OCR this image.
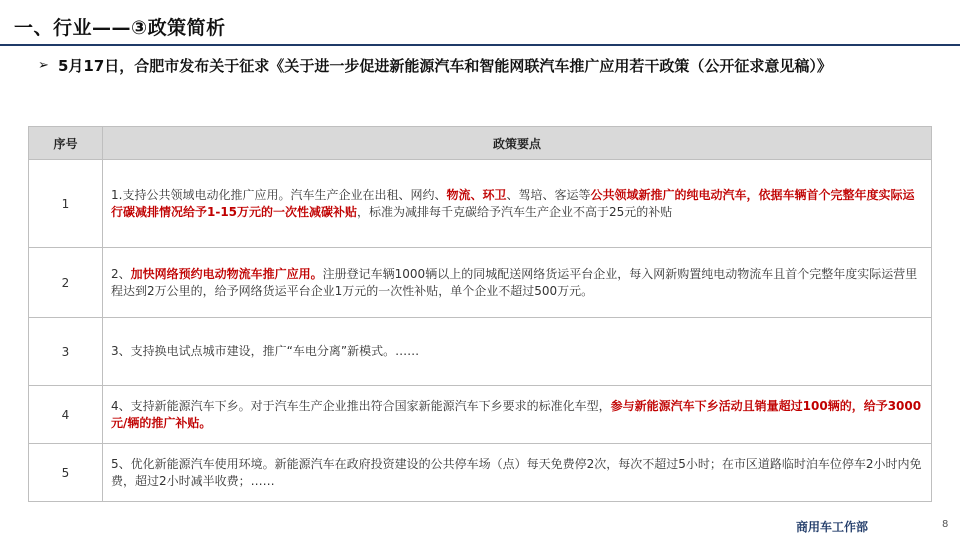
一、行业——③政策简析
➢ 5月17日，合肥市发布关于征求《关于进一步促进新能源汽车和智能网联汽车推广应用若干政策（公开征求意见稿）》
序号	政策要点
1	1.支持公共领域电动化推广应用。汽车生产企业在出租、网约、物流、环卫、驾培、客运等公共领域新推广的纯电动汽车，依据车辆首个完整年度实际运行碳减排情况给予1-15万元的一次性减碳补贴，标准为减排每千克碳给予汽车生产企业不高于25元的补贴
2	2、加快网络预约电动物流车推广应用。注册登记车辆1000辆以上的同城配送网络货运平台企业，每入网新购置纯电动物流车且首个完整年度实际运营里程达到2万公里的，给予网络货运平台企业1万元的一次性补贴，单个企业不超过500万元。
3	3、支持换电试点城市建设，推广“车电分离”新模式。……
4	4、支持新能源汽车下乡。对于汽车生产企业推出符合国家新能源汽车下乡要求的标准化车型，参与新能源汽车下乡活动且销量超过100辆的，给予3000元/辆的推广补贴。
5	5、优化新能源汽车使用环境。新能源汽车在政府投资建设的公共停车场（点）每天免费停2次，每次不超过5小时；在市区道路临时泊车位停车2小时内免费，超过2小时减半收费；……
商用车工作部	8
